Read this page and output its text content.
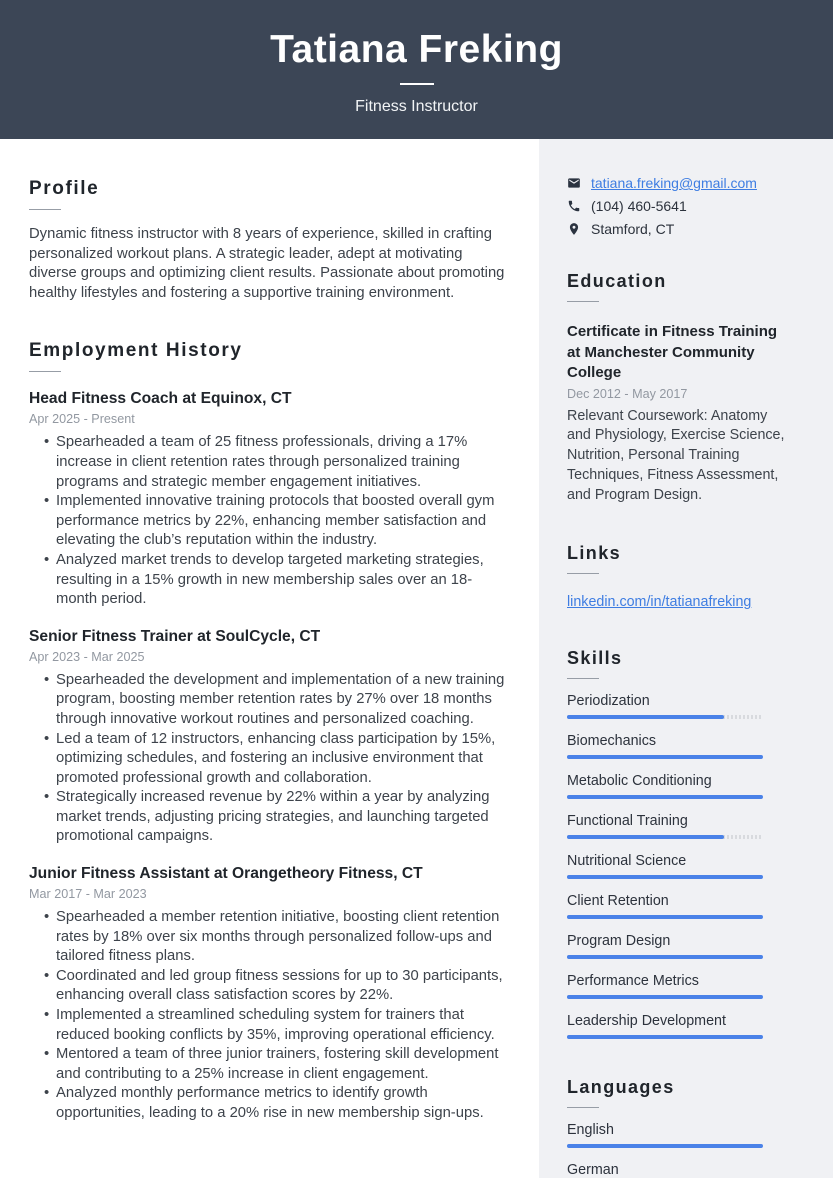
Tatiana Freking
Fitness Instructor
Profile

Dynamic fitness instructor with 8 years of experience, skilled in crafting personalized workout plans. A strategic leader, adept at motivating diverse groups and optimizing client results. Passionate about promoting healthy lifestyles and fostering a supportive training environment.

Employment History
Head Fitness Coach at Equinox, CT
Apr 2025 - Present
• Spearheaded a team of 25 fitness professionals, driving a 17% increase in client retention rates through personalized training programs and strategic member engagement initiatives.
• Implemented innovative training protocols that boosted overall gym performance metrics by 22%, enhancing member satisfaction and elevating the club’s reputation within the industry.
• Analyzed market trends to develop targeted marketing strategies, resulting in a 15% growth in new membership sales over an 18-month period.
Senior Fitness Trainer at SoulCycle, CT
Apr 2023 - Mar 2025
• Spearheaded the development and implementation of a new training program, boosting member retention rates by 27% over 18 months through innovative workout routines and personalized coaching.
• Led a team of 12 instructors, enhancing class participation by 15%, optimizing schedules, and fostering an inclusive environment that promoted professional growth and collaboration.
• Strategically increased revenue by 22% within a year by analyzing market trends, adjusting pricing strategies, and launching targeted promotional campaigns.
Junior Fitness Assistant at Orangetheory Fitness, CT
Mar 2017 - Mar 2023
• Spearheaded a member retention initiative, boosting client retention rates by 18% over six months through personalized follow-ups and tailored fitness plans.
• Coordinated and led group fitness sessions for up to 30 participants, enhancing overall class satisfaction scores by 22%.
• Implemented a streamlined scheduling system for trainers that reduced booking conflicts by 35%, improving operational efficiency.
• Mentored a team of three junior trainers, fostering skill development and contributing to a 25% increase in client engagement.
• Analyzed monthly performance metrics to identify growth opportunities, leading to a 20% rise in new membership sign-ups.
tatiana.freking@gmail.com
(104) 460-5641
Stamford, CT
Education
Certificate in Fitness Training at Manchester Community College
Dec 2012 - May 2017
Relevant Coursework: Anatomy and Physiology, Exercise Science, Nutrition, Personal Training Techniques, Fitness Assessment, and Program Design.
Links
linkedin.com/in/tatianafreking
Skills
Periodization
Biomechanics
Metabolic Conditioning
Functional Training
Nutritional Science
Client Retention
Program Design
Performance Metrics
Leadership Development
Languages
English
German
